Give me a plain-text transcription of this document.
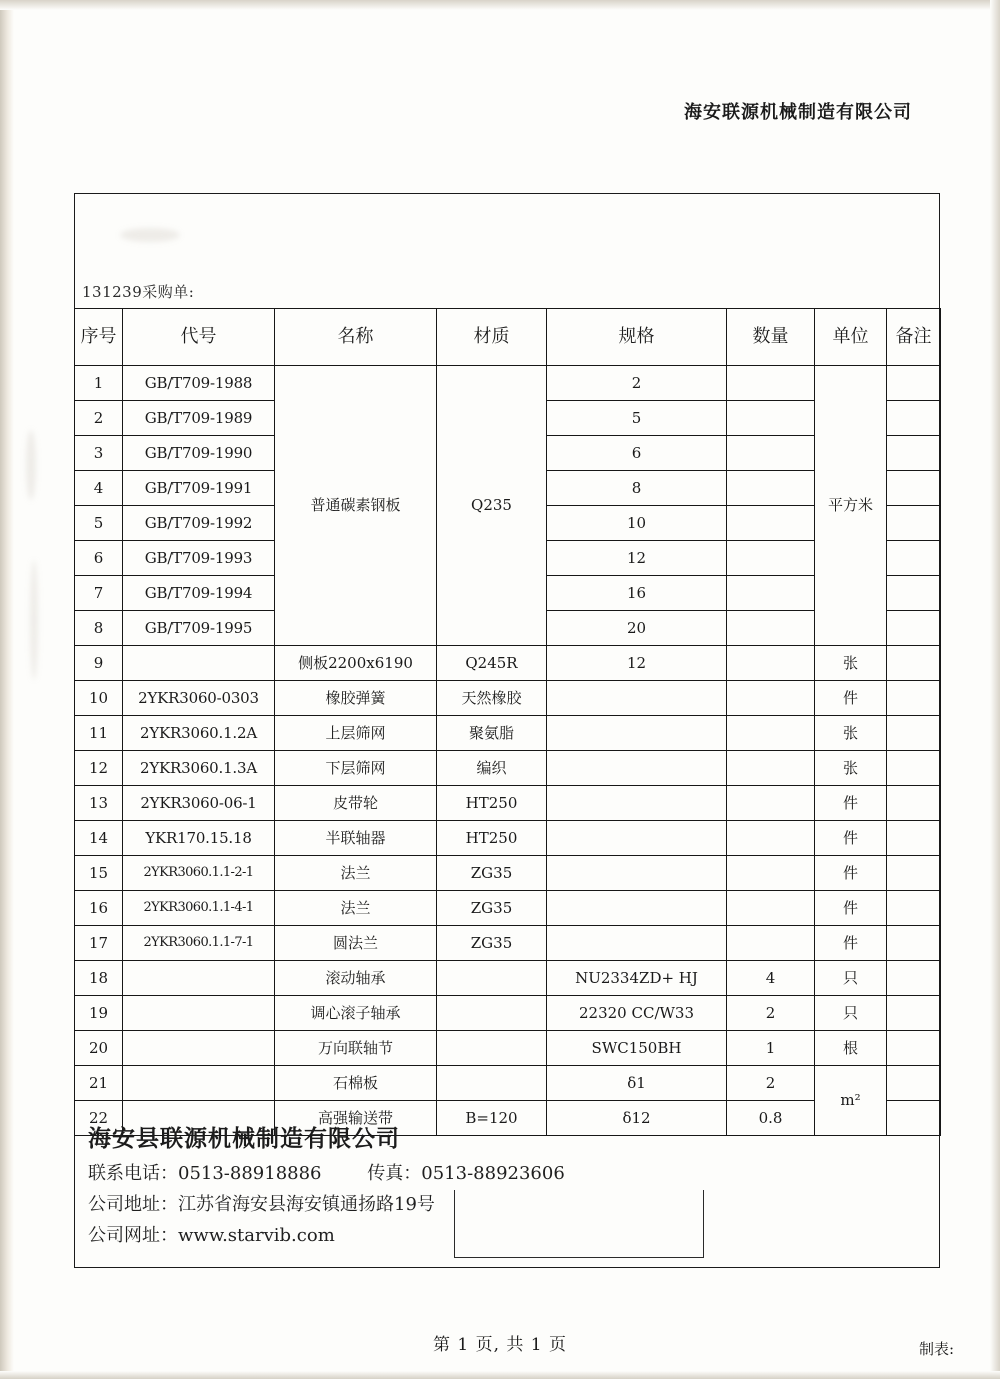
海安联源机械制造有限公司
131239采购单:
序号	代号	名称	材质	规格	数量	单位	备注
1	GB/T709-1988	普通碳素钢板	Q235	2		平方米	
2	GB/T709-1989			5			
3	GB/T709-1990			6			
4	GB/T709-1991			8			
5	GB/T709-1992			10			
6	GB/T709-1993			12			
7	GB/T709-1994			16			
8	GB/T709-1995			20			
9		侧板2200x6190	Q245R	12		张	
10	2YKR3060-0303	橡胶弹簧	天然橡胶			件	
11	2YKR3060.1.2A	上层筛网	聚氨脂			张	
12	2YKR3060.1.3A	下层筛网	编织			张	
13	2YKR3060-06-1	皮带轮	HT250			件	
14	YKR170.15.18	半联轴器	HT250			件	
15	2YKR3060.1.1-2-1	法兰	ZG35			件	
16	2YKR3060.1.1-4-1	法兰	ZG35			件	
17	2YKR3060.1.1-7-1	圆法兰	ZG35			件	
18		滚动轴承		NU2334ZD+ HJ	4	只	
19		调心滚子轴承		22320 CC/W33	2	只	
20		万向联轴节		SWC150BH	1	根	
21		石棉板		δ1	2	m²	
22		高强输送带	B=120	δ12	0.8		
海安县联源机械制造有限公司
联系电话：0513-88918886        传真：0513-88923606
公司地址：江苏省海安县海安镇通扬路19号
公司网址：www.starvib.com
第 1 页, 共 1 页	制表:
